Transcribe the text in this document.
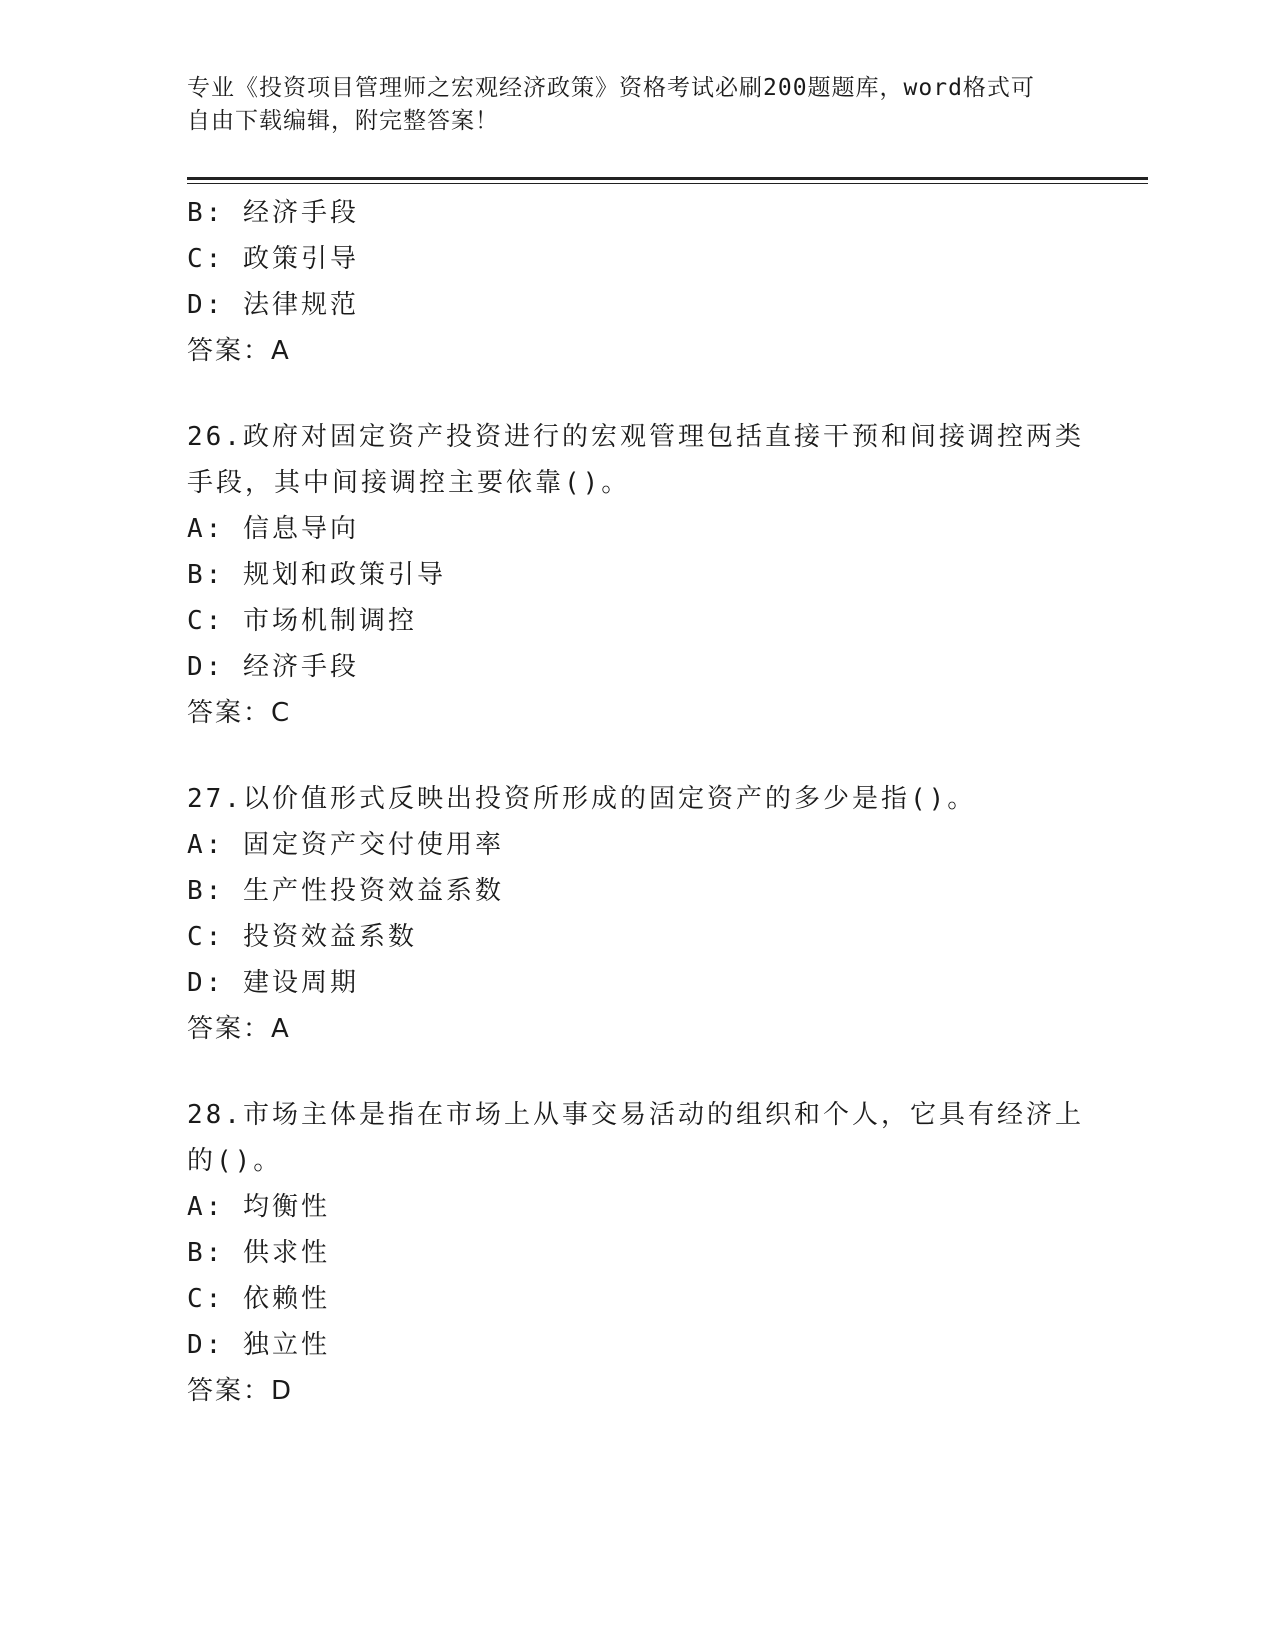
专业《投资项目管理师之宏观经济政策》资格考试必刷200题题库，word格式可
自由下载编辑，附完整答案！
B: 经济手段
C: 政策引导
D: 法律规范
答案：A
26.政府对固定资产投资进行的宏观管理包括直接干预和间接调控两类
手段，其中间接调控主要依靠()。
A: 信息导向
B: 规划和政策引导
C: 市场机制调控
D: 经济手段
答案：C
27.以价值形式反映出投资所形成的固定资产的多少是指()。
A: 固定资产交付使用率
B: 生产性投资效益系数
C: 投资效益系数
D: 建设周期
答案：A
28.市场主体是指在市场上从事交易活动的组织和个人，它具有经济上
的()。
A: 均衡性
B: 供求性
C: 依赖性
D: 独立性
答案：D
